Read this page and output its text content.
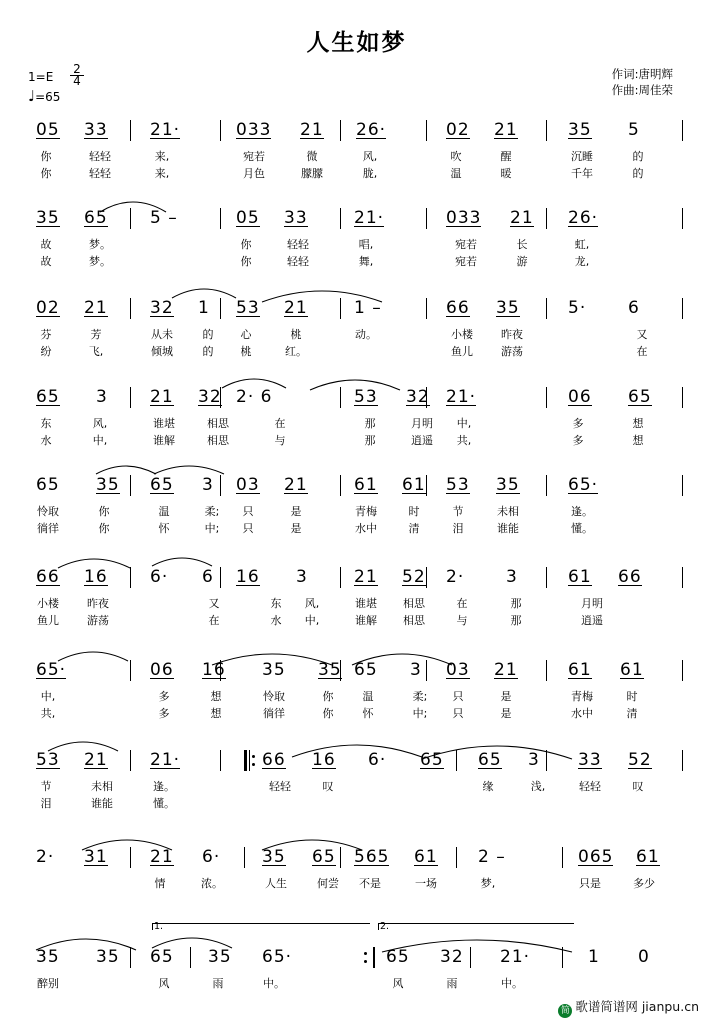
人生如梦
作词:唐明辉
作曲:周佳荣
$1=E \frac{2}{4}$
♩=65
05 33 21·	033 21 26·	02 21	35 5
你	轻轻	来,	宛若	微	风,	吹	醒	沉睡	的
你	轻轻	来,	月色	朦朦	胧,	温	暖	千年	的
35 65 5 –	05 33	21·	033 21 26·
故	梦。	你	轻轻	唱,	宛若	长	虹,
故	梦。	你	轻轻	舞,	宛若	游	龙,
02 21 32 1 53 21	1 –	66 35	5· 6
芬	芳	从未	的 心	桃	动。	小楼	昨夜	又
纷	飞,	倾城	的 桃	红。	鱼儿	游荡	在
65 3 21 32 2· 6	53 32 21·	06 65
东	风,	谁堪	相思	在	那	月明 中,	多	想
水	中,	谁解	相思	与	那	逍遥 共,	多	想
65 35 65 3 03 21	61 61 53 35	65·
怜取	你	温	柔; 只	是	青梅	时	节	未相	逢。
徜徉	你	怀	中; 只	是	水中	清	泪	谁能	懂。
66 16 6· 6 16 3	21 52 2· 3	61 66
小楼	昨夜	又	东 风,	谁堪 相思	在	那	月明
鱼儿	游荡	在	水 中,	谁解 相思	与	那	逍遥
65·	06 16 35 35 65 3 03 21	61 61
中,	多	想	怜取	你	温	柔; 只	是	青梅	时
共,	多	想	徜徉	你	怀	中; 只	是	水中	清
53 21 21·	66 16 6· 65 65 3 33 52
节	未相	逢。	轻轻	叹	缘	浅,	轻轻	叹
泪	谁能	懂。
2· 31 21 6· 35 65 565 61 2 –	065 61
情	浓。	人生	何尝 不是	一场	梦,	只是	多少
35 35 65 35 65·	65 32 21·	1 0
醉别	风	雨	中。	风	雨	中。
1.	2.
简 歌谱简谱网 jianpu.cn
